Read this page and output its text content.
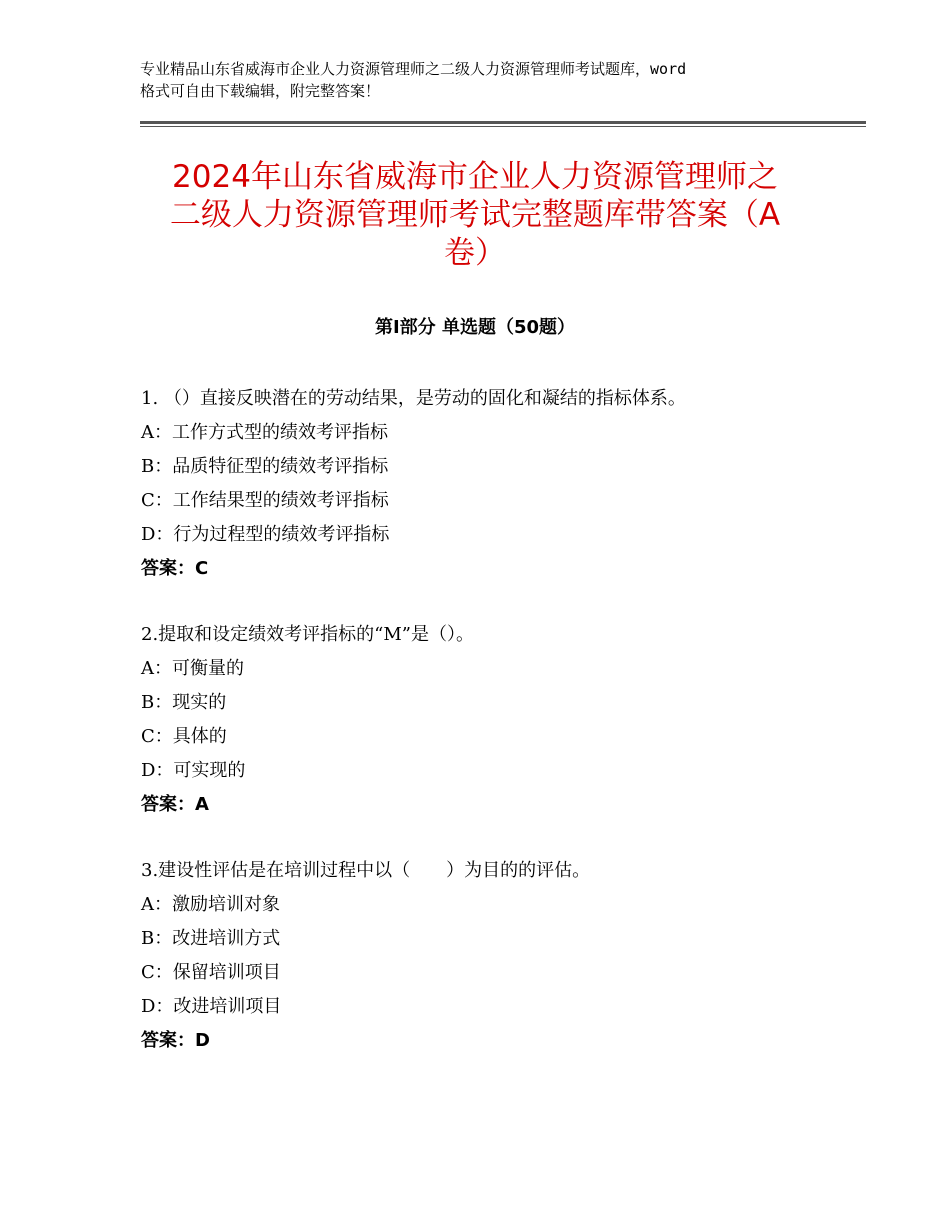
专业精品山东省威海市企业人力资源管理师之二级人力资源管理师考试题库，word
格式可自由下载编辑，附完整答案！
2024年山东省威海市企业人力资源管理师之
二级人力资源管理师考试完整题库带答案（A
卷）
第Ⅰ部分 单选题（50题）
1. （）直接反映潜在的劳动结果，是劳动的固化和凝结的指标体系。
A：工作方式型的绩效考评指标
B：品质特征型的绩效考评指标
C：工作结果型的绩效考评指标
D：行为过程型的绩效考评指标
答案：C
2.提取和设定绩效考评指标的“M”是（）。
A：可衡量的
B：现实的
C：具体的
D：可实现的
答案：A
3.建设性评估是在培训过程中以（　　）为目的的评估。
A：激励培训对象
B：改进培训方式
C：保留培训项目
D：改进培训项目
答案：D
